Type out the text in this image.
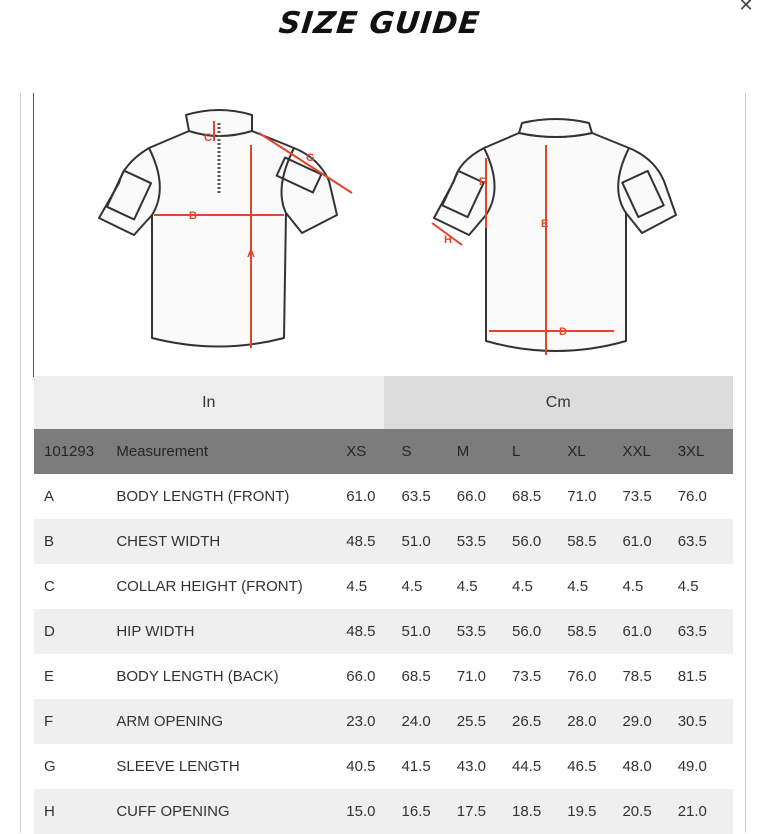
SIZE GUIDE
✕
C
G
B
A
F
E
H
D
In	Cm
101293	Measurement	XS	S	M	L	XL	XXL	3XL
A	BODY LENGTH (FRONT)	61.0	63.5	66.0	68.5	71.0	73.5	76.0
B	CHEST WIDTH	48.5	51.0	53.5	56.0	58.5	61.0	63.5
C	COLLAR HEIGHT (FRONT)	4.5	4.5	4.5	4.5	4.5	4.5	4.5
D	HIP WIDTH	48.5	51.0	53.5	56.0	58.5	61.0	63.5
E	BODY LENGTH (BACK)	66.0	68.5	71.0	73.5	76.0	78.5	81.5
F	ARM OPENING	23.0	24.0	25.5	26.5	28.0	29.0	30.5
G	SLEEVE LENGTH	40.5	41.5	43.0	44.5	46.5	48.0	49.0
H	CUFF OPENING	15.0	16.5	17.5	18.5	19.5	20.5	21.0
